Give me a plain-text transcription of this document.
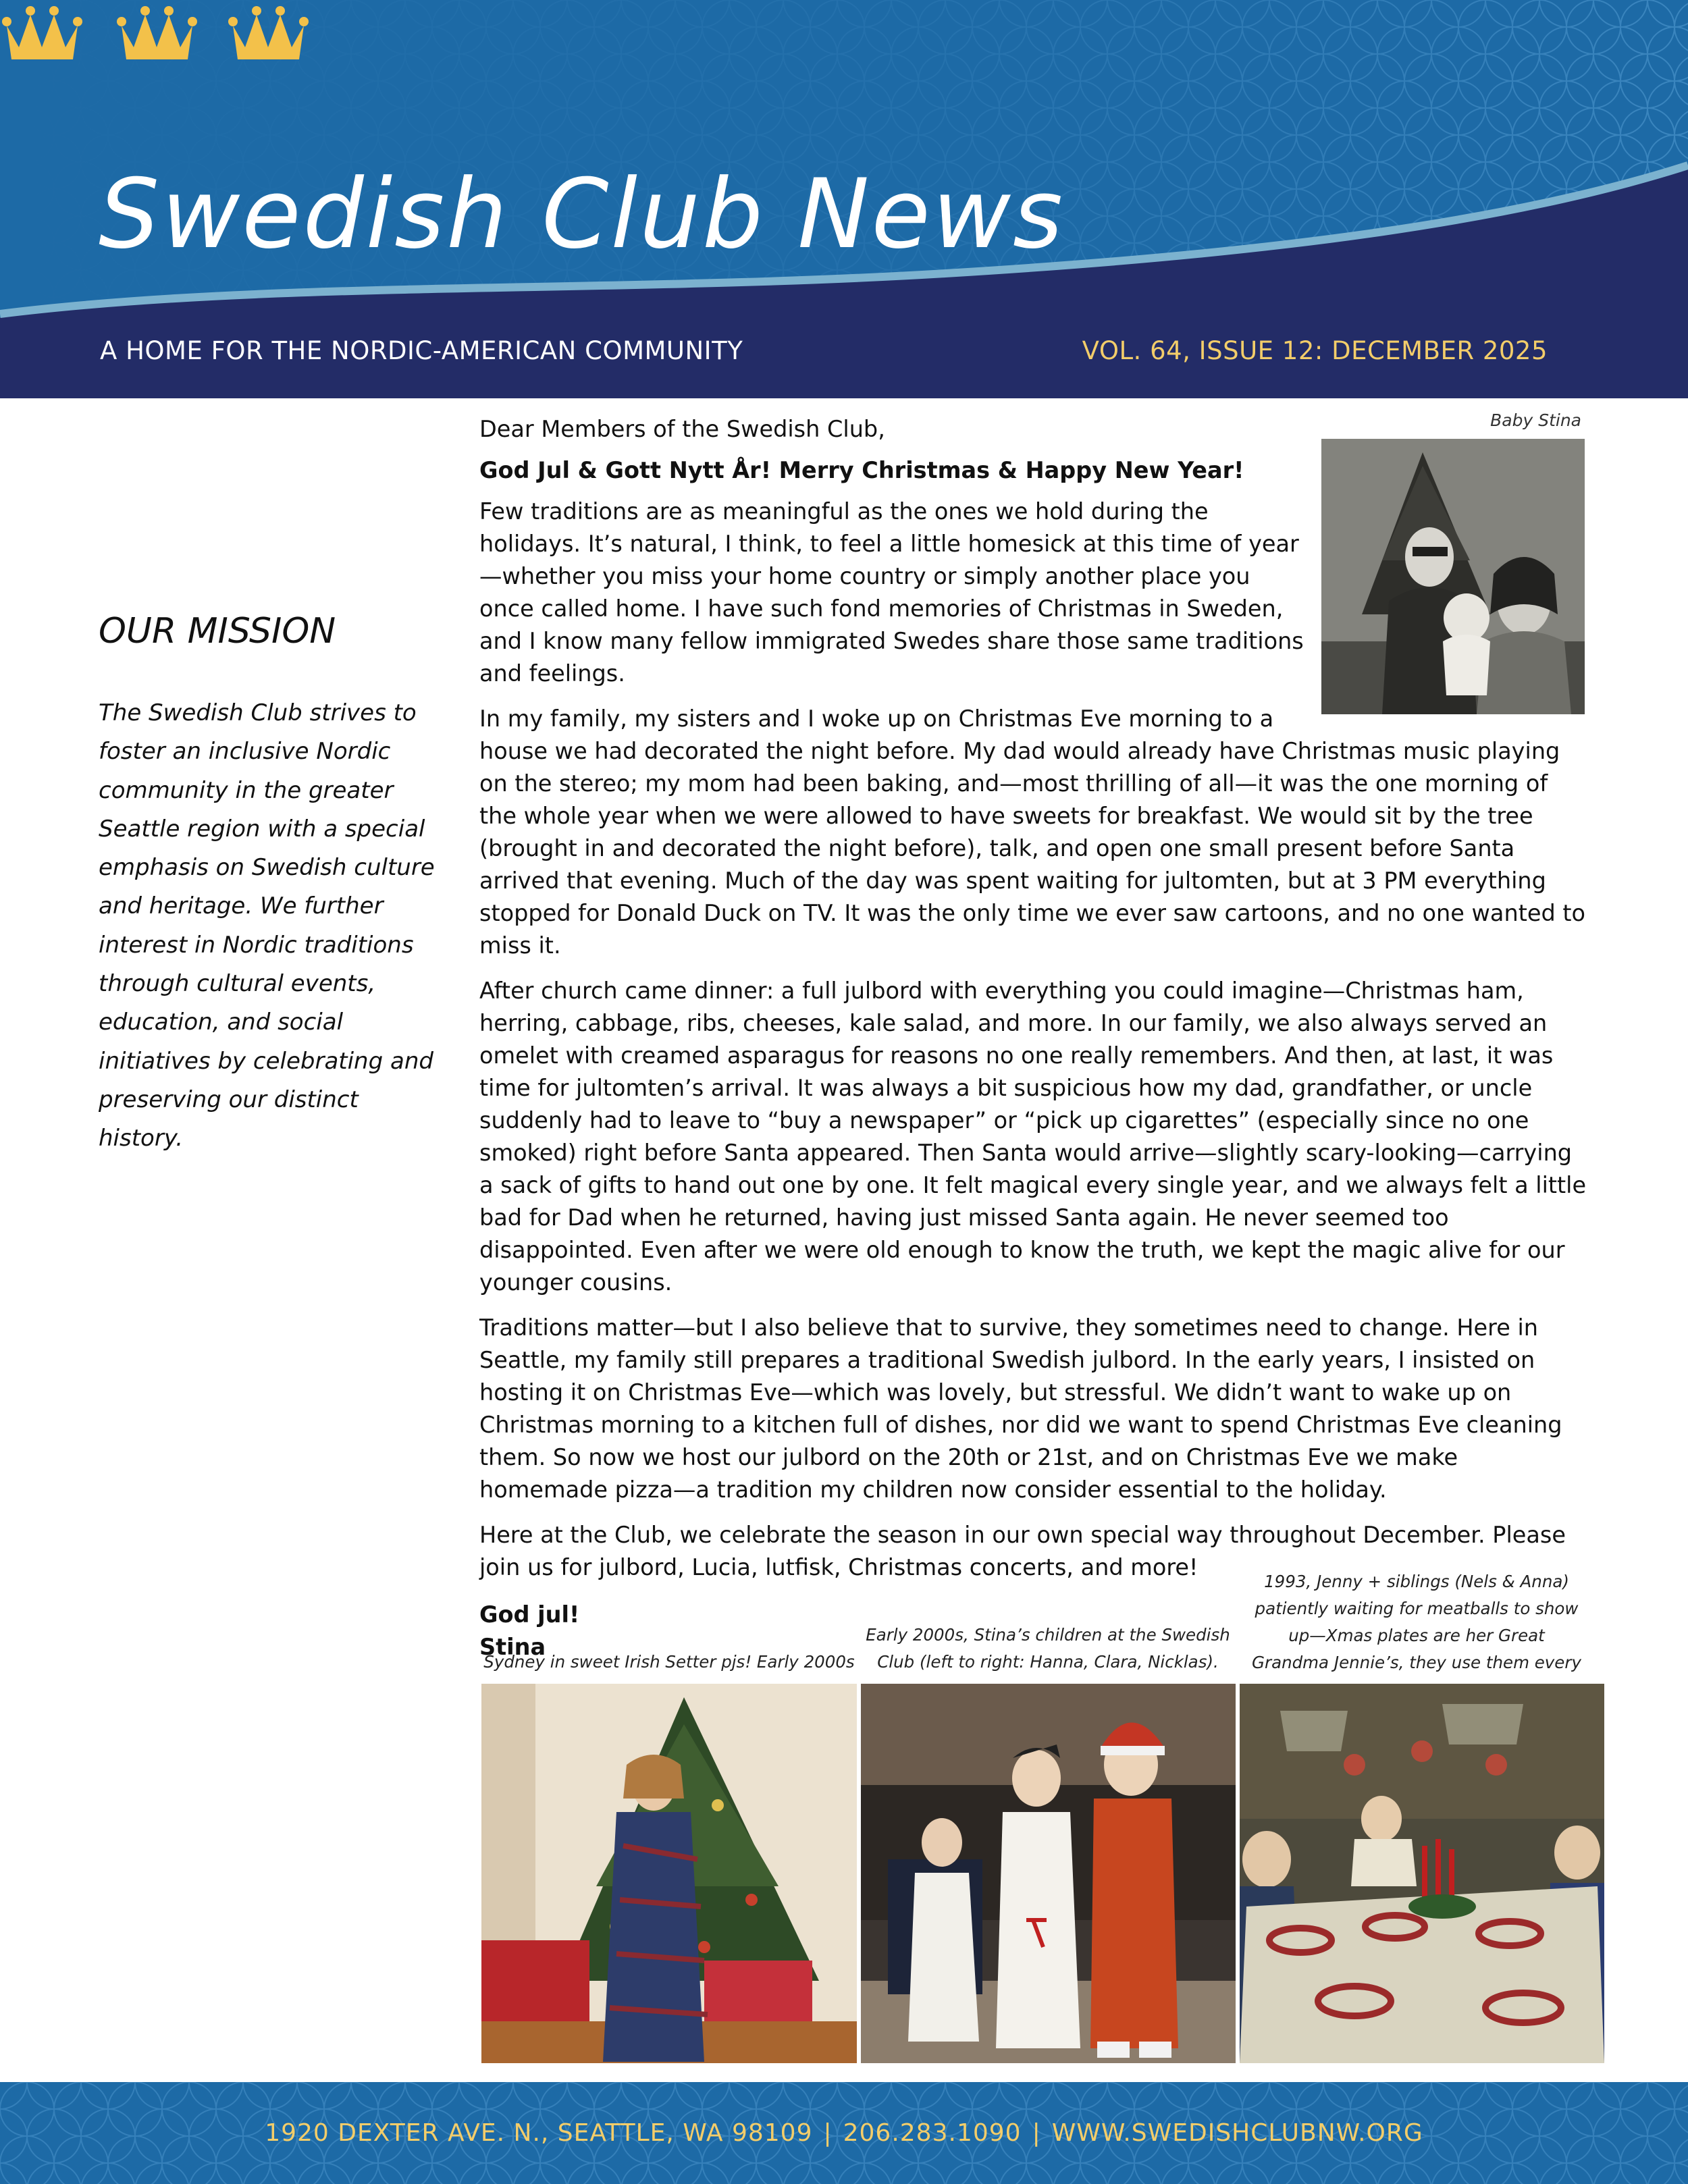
Swedish Club News
A HOME FOR THE NORDIC-AMERICAN COMMUNITY	VOL. 64, ISSUE 12: DECEMBER 2025
OUR MISSION

The Swedish Club strives to foster an inclusive Nordic community in the greater Seattle region with a special emphasis on Swedish culture and heritage. We further interest in Nordic traditions through cultural events, education, and social initiatives by celebrating and preserving our distinct history.

Baby Stina

Dear Members of the Swedish Club,

God Jul & Gott Nytt År! Merry Christmas & Happy New Year!

Few traditions are as meaningful as the ones we hold during the holidays. It’s natural, I think, to feel a little homesick at this time of year—whether you miss your home country or simply another place you once called home. I have such fond memories of Christmas in Sweden, and I know many fellow immigrated Swedes share those same traditions and feelings.

In my family, my sisters and I woke up on Christmas Eve morning to a house we had decorated the night before. My dad would already have Christmas music playing on the stereo; my mom had been baking, and—most thrilling of all—it was the one morning of the whole year when we were allowed to have sweets for breakfast. We would sit by the tree (brought in and decorated the night before), talk, and open one small present before Santa arrived that evening. Much of the day was spent waiting for jultomten, but at 3 PM everything stopped for Donald Duck on TV. It was the only time we ever saw cartoons, and no one wanted to miss it.

After church came dinner: a full julbord with everything you could imagine—Christmas ham, herring, cabbage, ribs, cheeses, kale salad, and more. In our family, we also always served an omelet with creamed asparagus for reasons no one really remembers. And then, at last, it was time for jultomten’s arrival. It was always a bit suspicious how my dad, grandfather, or uncle suddenly had to leave to “buy a newspaper” or “pick up cigarettes” (especially since no one smoked) right before Santa appeared. Then Santa would arrive—slightly scary-looking—carrying a sack of gifts to hand out one by one. It felt magical every single year, and we always felt a little bad for Dad when he returned, having just missed Santa again. He never seemed too disappointed. Even after we were old enough to know the truth, we kept the magic alive for our younger cousins.

Traditions matter—but I also believe that to survive, they sometimes need to change. Here in Seattle, my family still prepares a traditional Swedish julbord. In the early years, I insisted on hosting it on Christmas Eve—which was lovely, but stressful. We didn’t want to wake up on Christmas morning to a kitchen full of dishes, nor did we want to spend Christmas Eve cleaning them. So now we host our julbord on the 20th or 21st, and on Christmas Eve we make homemade pizza—a tradition my children now consider essential to the holiday.

Here at the Club, we celebrate the season in our own special way throughout December. Please join us for julbord, Lucia, lutfisk, Christmas concerts, and more!

God jul!
Stina

Sydney in sweet Irish Setter pjs! Early 2000s
Early 2000s, Stina’s children at the Swedish Club (left to right: Hanna, Clara, Nicklas).
1993, Jenny + siblings (Nels & Anna) patiently waiting for meatballs to show up—Xmas plates are her Great Grandma Jennie’s, they use them every
1920 DEXTER AVE. N., SEATTLE, WA 98109 | 206.283.1090 | WWW.SWEDISHCLUBNW.ORG
